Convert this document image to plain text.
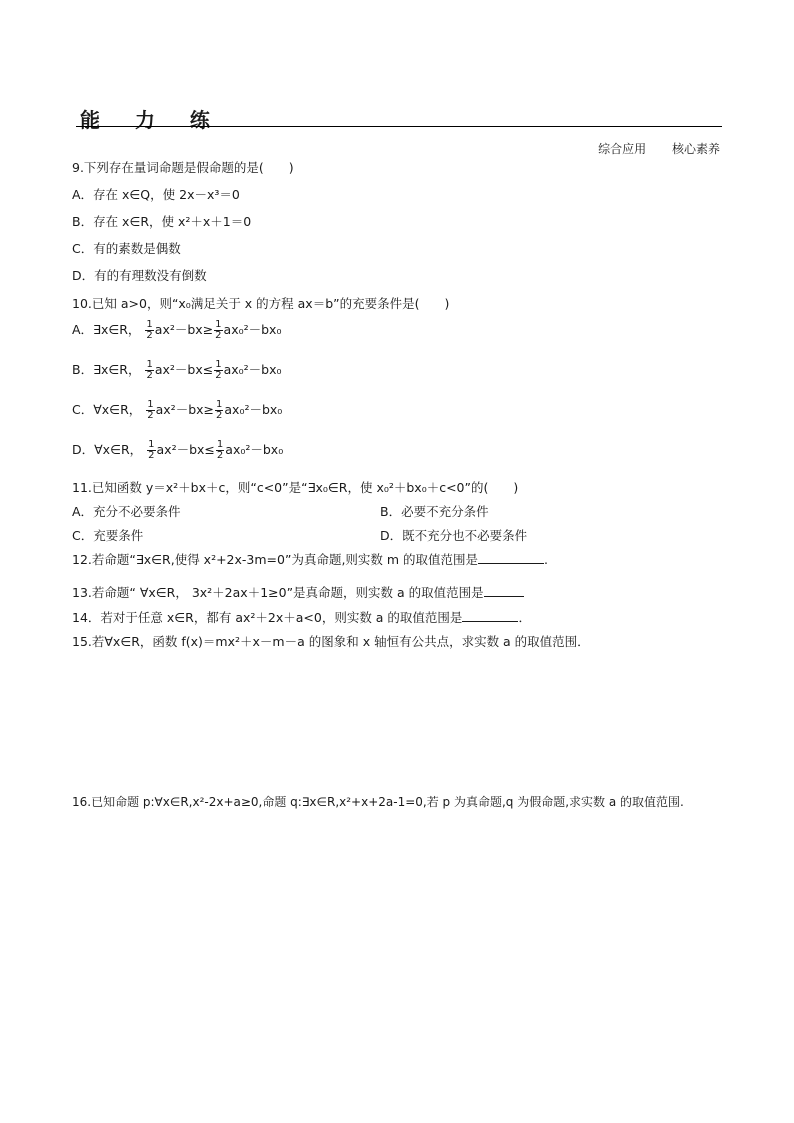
能 力 练
综合应用 核心素养
9.下列存在量词命题是假命题的是(　　)
A．存在 x∈Q，使 2x－x³＝0
B．存在 x∈R，使 x²＋x＋1＝0
C．有的素数是偶数
D．有的有理数没有倒数
10.已知 a>0，则“x₀满足关于 x 的方程 ax＝b”的充要条件是(　　)
A．∃x∈R， $\frac{1}{2} ax^2-bx\ge \frac{1}{2} ax_0^2-bx_0$
B．∃x∈R， $\frac{1}{2} ax^2-bx\le \frac{1}{2} ax_0^2-bx_0$
C．∀x∈R， $\frac{1}{2} ax^2-bx\ge \frac{1}{2} ax_0^2-bx_0$
D．∀x∈R， $\frac{1}{2} ax^2-bx\le \frac{1}{2} ax_0^2-bx_0$
11.已知函数 y＝x²＋bx＋c，则“c<0”是“∃x₀∈R，使 x₀²＋bx₀＋c<0”的(　　)
A．充分不必要条件	B．必要不充分条件
C．充要条件	D．既不充分也不必要条件
12.若命题“∃x∈R,使得 x²+2x-3m=0”为真命题,则实数 m 的取值范围是	.
13.若命题“ ∀x∈R， 3x²＋2ax＋1≥0”是真命题，则实数 a 的取值范围是
14．若对于任意 x∈R，都有 ax²＋2x＋a<0，则实数 a 的取值范围是	．
15.若∀x∈R，函数 f(x)＝mx²＋x－m－a 的图象和 x 轴恒有公共点，求实数 a 的取值范围．
16.已知命题 p:∀x∈R,x²-2x+a≥0,命题 q:∃x∈R,x²+x+2a-1=0,若 p 为真命题,q 为假命题,求实数 a 的取值范围.
